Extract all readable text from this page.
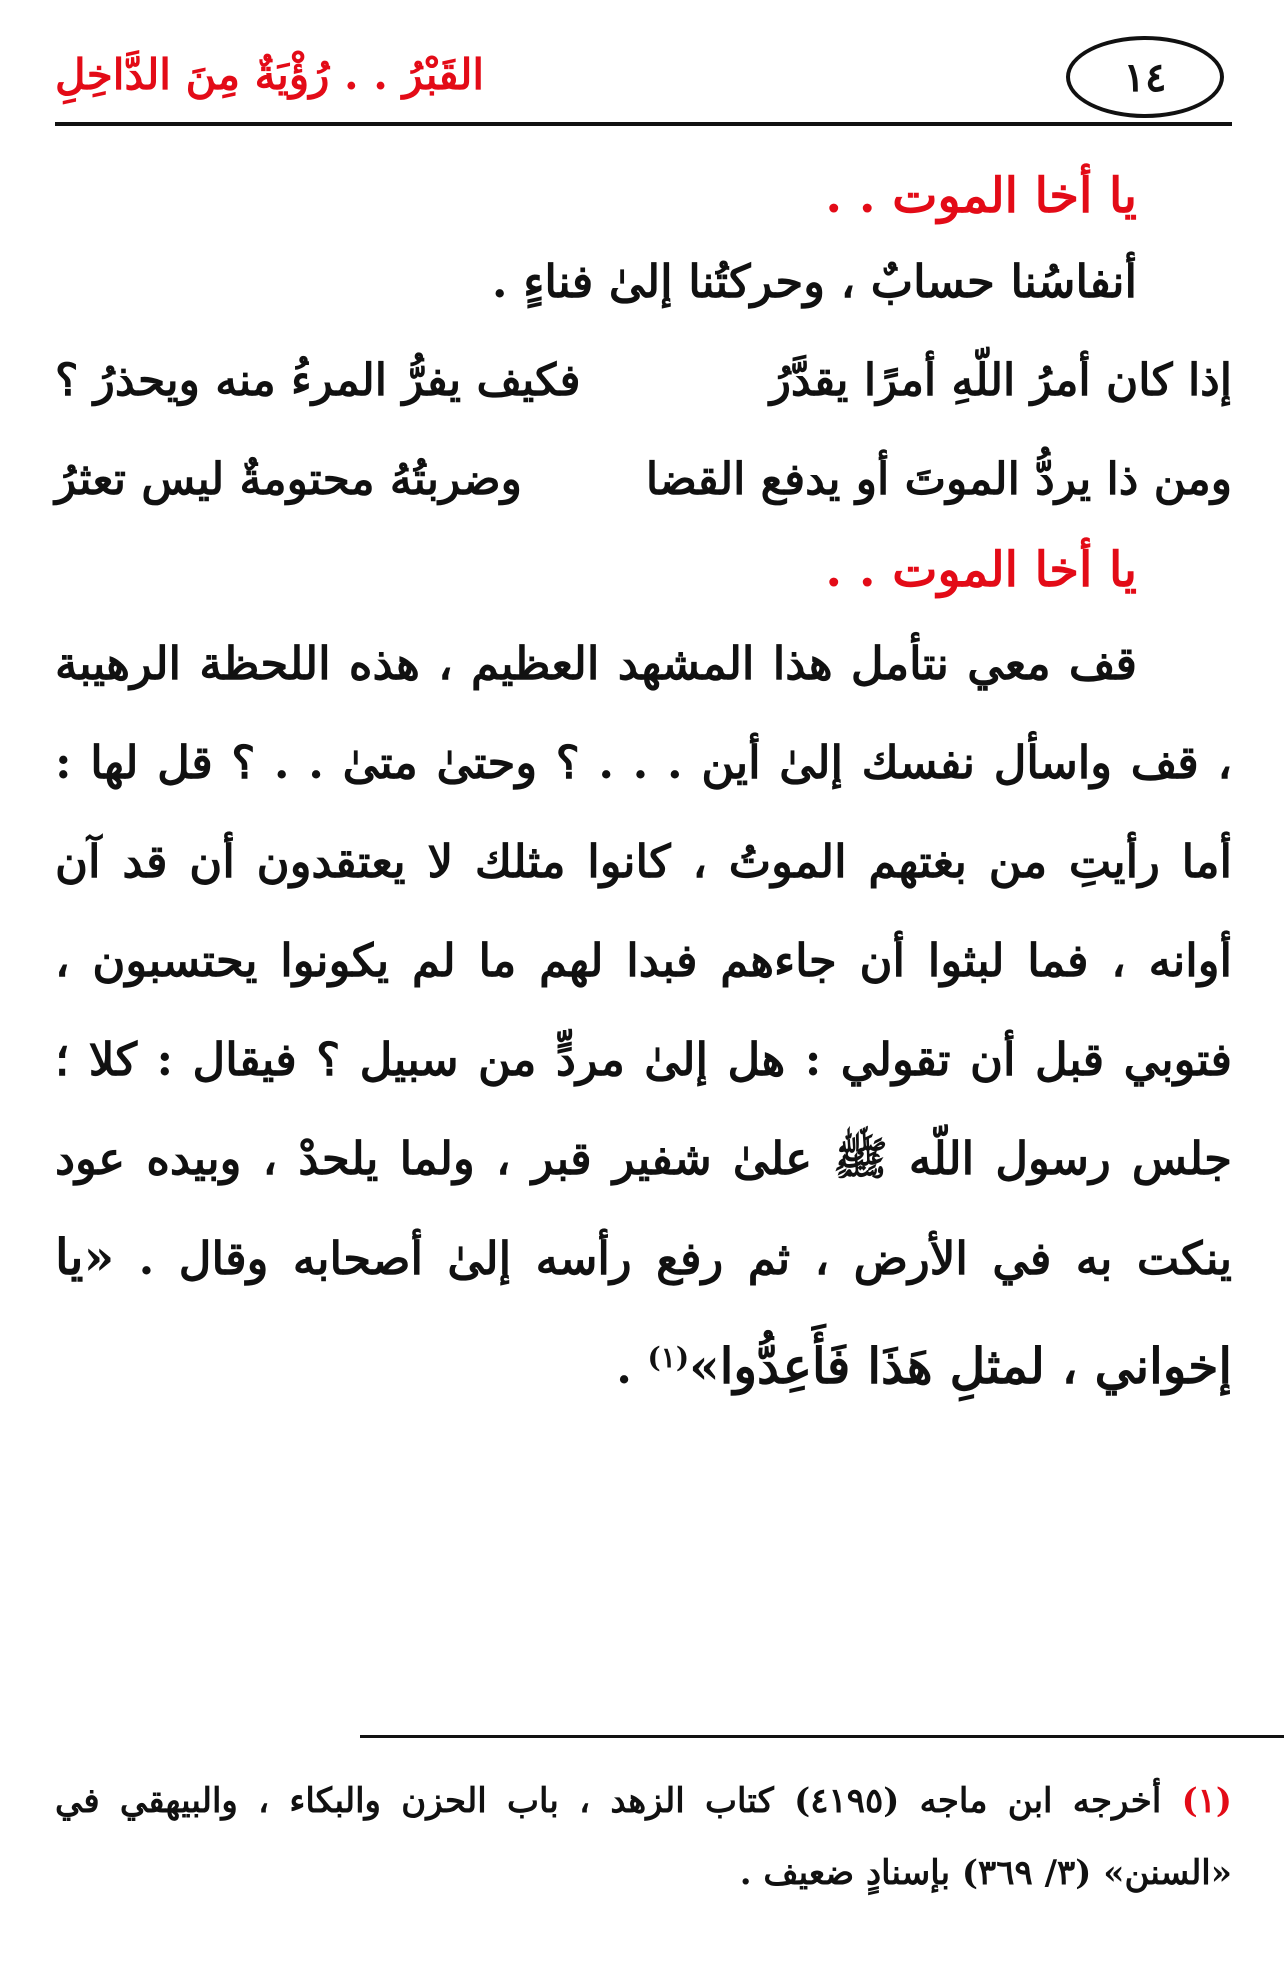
القَبْرُ . . رُؤْيَةٌ مِنَ الدَّاخِلِ	١٤
يا أخا الموت . .

أنفاسُنا حسابٌ ، وحركتُنا إلىٰ فناءٍ .

إذا كان أمرُ اللّهِ أمرًا يقدَّرُ
فكيف يفرُّ المرءُ منه ويحذرُ ؟
ومن ذا يردُّ الموتَ أو يدفع القضا
وضربتُهُ محتومةٌ ليس تعثرُ
يا أخا الموت . .

قف معي نتأمل هذا المشهد العظيم ، هذه اللحظة الرهيبة ، قف واسأل نفسك إلىٰ أين . . . ؟ وحتىٰ متىٰ . . ؟ قل لها : أما رأيتِ من بغتهم الموتُ ، كانوا مثلك لا يعتقدون أن قد آن أوانه ، فما لبثوا أن جاءهم فبدا لهم ما لم يكونوا يحتسبون ، فتوبي قبل أن تقولي : هل إلىٰ مردٍّ من سبيل ؟ فيقال : كلا ؛ جلس رسول اللّه ﷺ علىٰ شفير قبر ، ولما يلحدْ ، وبيده عود ينكت به في الأرض ، ثم رفع رأسه إلىٰ أصحابه وقال . «يا إخواني ، لمثلِ هَذَا فَأَعِدُّوا»$^{(١)}$ .

(١) أخرجه ابن ماجه (٤١٩٥) كتاب الزهد ، باب الحزن والبكاء ، والبيهقي في «السنن» (٣/ ٣٦٩) بإسنادٍ ضعيف .
